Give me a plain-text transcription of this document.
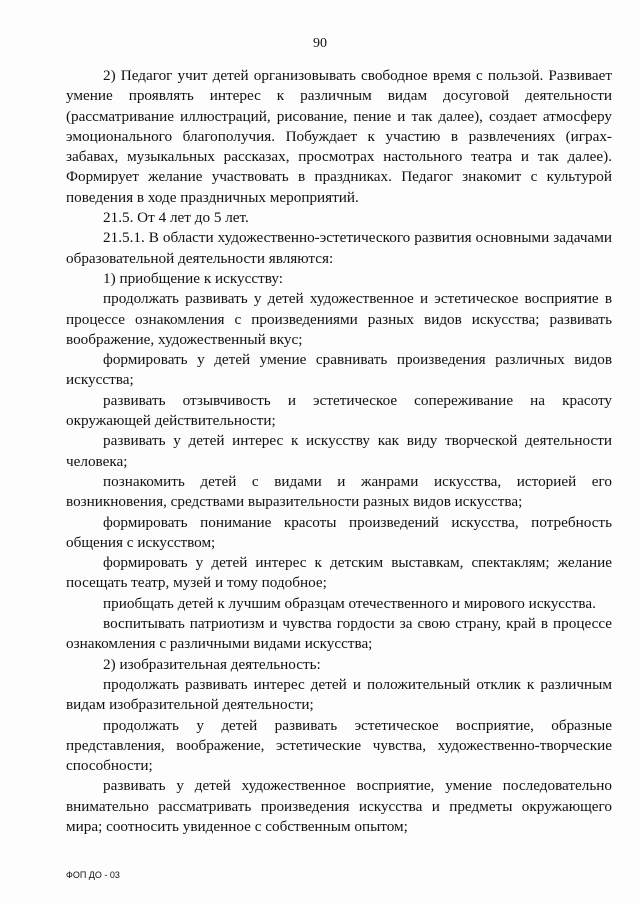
90

2) Педагог учит детей организовывать свободное время с пользой. Развивает умение проявлять интерес к различным видам досуговой деятельности (рассматривание иллюстраций, рисование, пение и так далее), создает атмосферу эмоционального благополучия. Побуждает к участию в развлечениях (играх-забавах, музыкальных рассказах, просмотрах настольного театра и так далее). Формирует желание участвовать в праздниках. Педагог знакомит с культурой поведения в ходе праздничных мероприятий.

21.5. От 4 лет до 5 лет.

21.5.1. В области художественно-эстетического развития основными задачами образовательной деятельности являются:

1) приобщение к искусству:

продолжать развивать у детей художественное и эстетическое восприятие в процессе ознакомления с произведениями разных видов искусства; развивать воображение, художественный вкус;

формировать у детей умение сравнивать произведения различных видов искусства;

развивать отзывчивость и эстетическое сопереживание на красоту окружающей действительности;

развивать у детей интерес к искусству как виду творческой деятельности человека;

познакомить детей с видами и жанрами искусства, историей его возникновения, средствами выразительности разных видов искусства;

формировать понимание красоты произведений искусства, потребность общения с искусством;

формировать у детей интерес к детским выставкам, спектаклям; желание посещать театр, музей и тому подобное;

приобщать детей к лучшим образцам отечественного и мирового искусства.

воспитывать патриотизм и чувства гордости за свою страну, край в процессе ознакомления с различными видами искусства;

2) изобразительная деятельность:

продолжать развивать интерес детей и положительный отклик к различным видам изобразительной деятельности;

продолжать у детей развивать эстетическое восприятие, образные представления, воображение, эстетические чувства, художественно-творческие способности;

развивать у детей художественное восприятие, умение последовательно внимательно рассматривать произведения искусства и предметы окружающего мира; соотносить увиденное с собственным опытом;

ФОП ДО - 03
